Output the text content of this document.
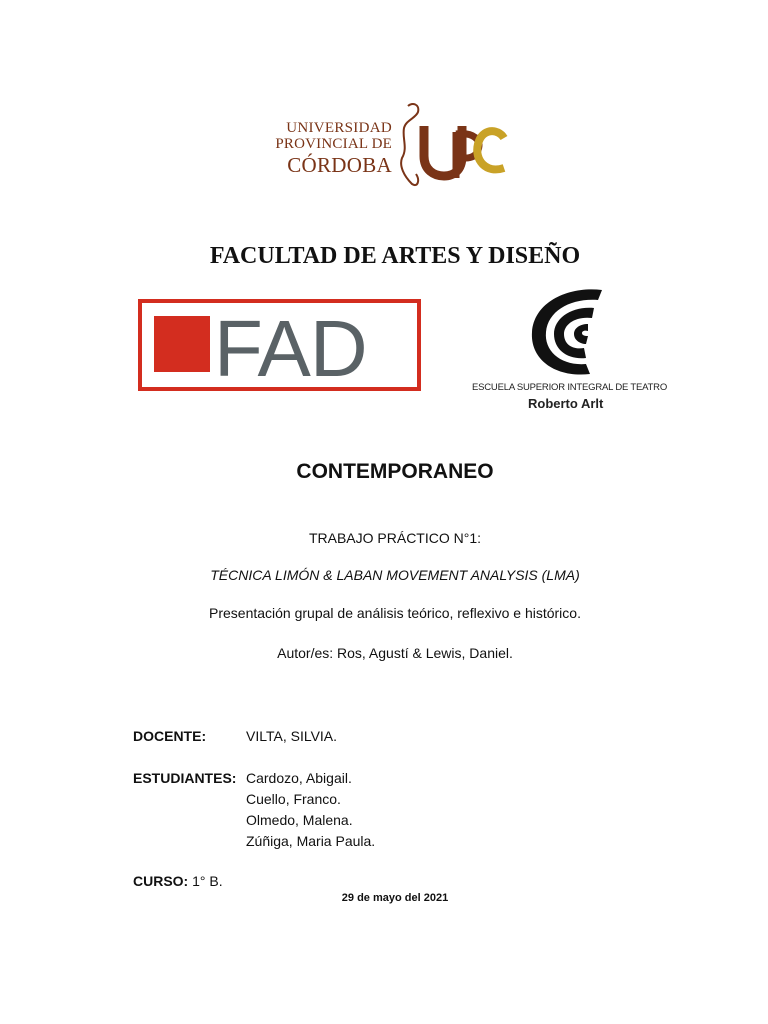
UNIVERSIDAD
PROVINCIAL DE
CÓRDOBA
FACULTAD DE ARTES Y DISEÑO
FAD	ESCUELA SUPERIOR INTEGRAL DE TEATRO
Roberto Arlt
CONTEMPORANEO
TRABAJO PRÁCTICO N°1:
TÉCNICA LIMÓN & LABAN MOVEMENT ANALYSIS (LMA)
Presentación grupal de análisis teórico, reflexivo e histórico.
Autor/es: Ros, Agustí & Lewis, Daniel.
DOCENTE:	VILTA, SILVIA.
ESTUDIANTES: Cardozo, Abigail.
Cuello, Franco.
Olmedo, Malena.
Zúñiga, Maria Paula.
CURSO: 1° B.
29 de mayo del 2021
